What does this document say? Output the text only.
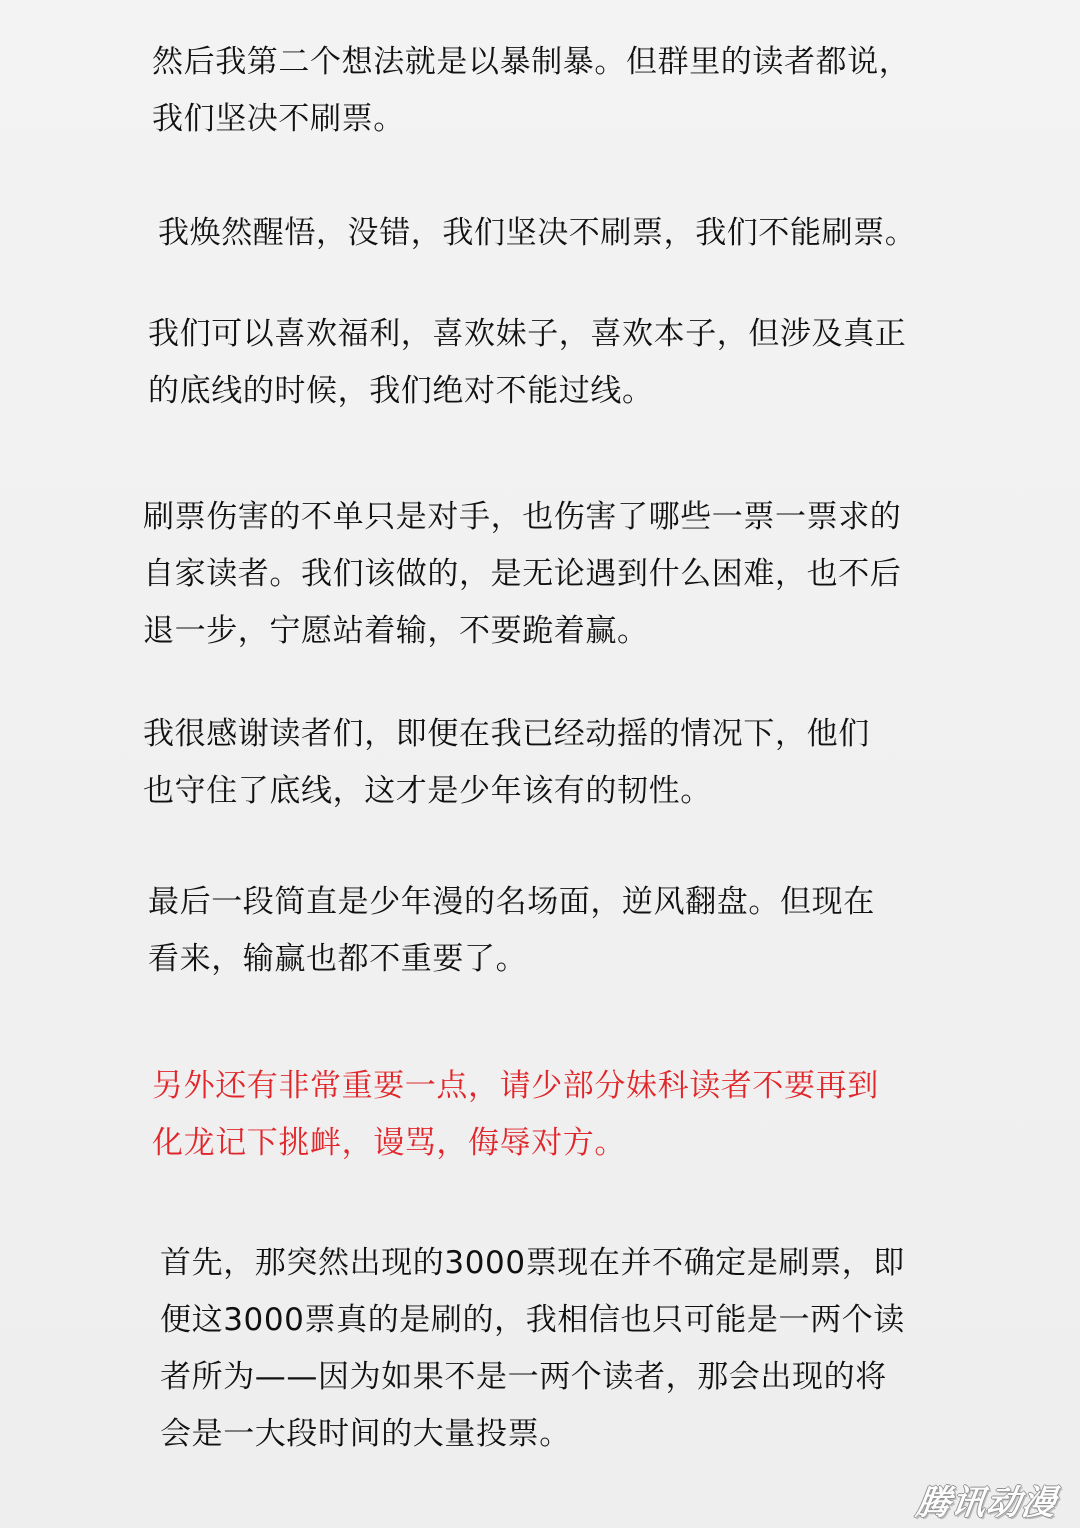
然后我第二个想法就是以暴制暴。但群里的读者都说，
我们坚决不刷票。
我焕然醒悟，没错，我们坚决不刷票，我们不能刷票。
我们可以喜欢福利，喜欢妹子，喜欢本子，但涉及真正
的底线的时候，我们绝对不能过线。
刷票伤害的不单只是对手，也伤害了哪些一票一票求的
自家读者。我们该做的，是无论遇到什么困难，也不后
退一步，宁愿站着输，不要跪着赢。
我很感谢读者们，即便在我已经动摇的情况下，他们
也守住了底线，这才是少年该有的韧性。
最后一段简直是少年漫的名场面，逆风翻盘。但现在
看来，输赢也都不重要了。
另外还有非常重要一点，请少部分妹科读者不要再到
化龙记下挑衅，谩骂，侮辱对方。
首先，那突然出现的3000票现在并不确定是刷票，即
便这3000票真的是刷的，我相信也只可能是一两个读
者所为——因为如果不是一两个读者，那会出现的将
会是一大段时间的大量投票。
腾讯动漫
